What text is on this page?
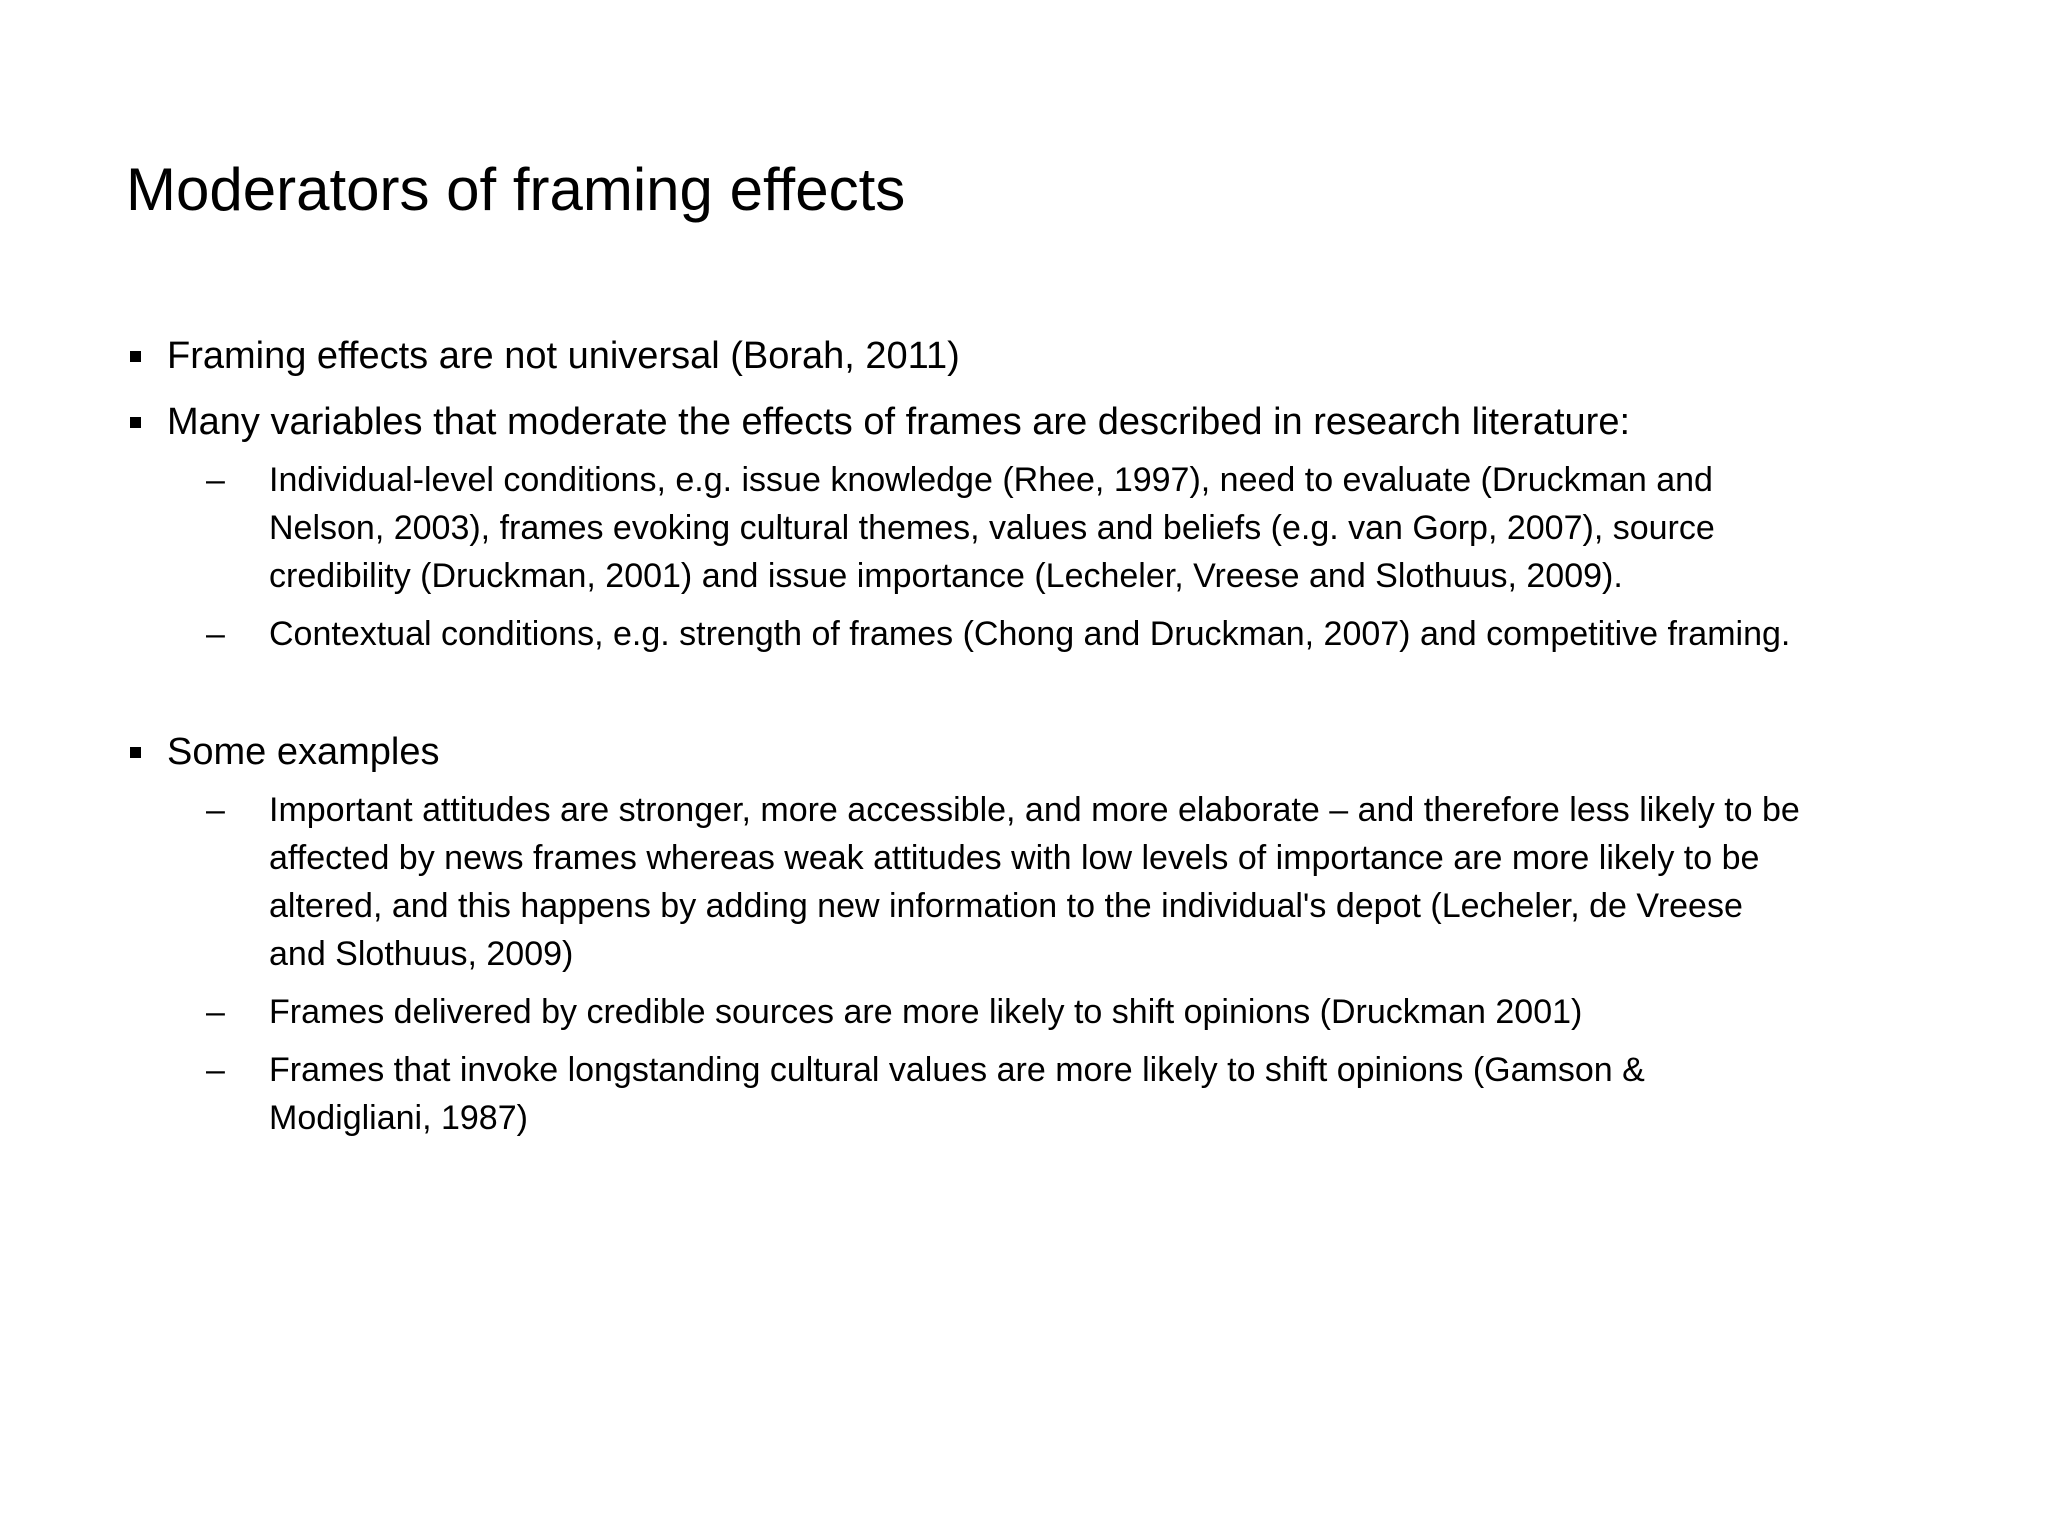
Moderators of framing effects
Framing effects are not universal (Borah, 2011)
Many variables that moderate the effects of frames are described in research literature:
– Individual-level conditions, e.g. issue knowledge (Rhee, 1997), need to evaluate (Druckman and
Nelson, 2003), frames evoking cultural themes, values and beliefs (e.g. van Gorp, 2007), source
credibility (Druckman, 2001) and issue importance (Lecheler, Vreese and Slothuus, 2009).
– Contextual conditions, e.g. strength of frames (Chong and Druckman, 2007) and competitive framing.
Some examples
– Important attitudes are stronger, more accessible, and more elaborate – and therefore less likely to be
affected by news frames whereas weak attitudes with low levels of importance are more likely to be
altered, and this happens by adding new information to the individual's depot (Lecheler, de Vreese
and Slothuus, 2009)
– Frames delivered by credible sources are more likely to shift opinions (Druckman 2001)
– Frames that invoke longstanding cultural values are more likely to shift opinions (Gamson &
Modigliani, 1987)
